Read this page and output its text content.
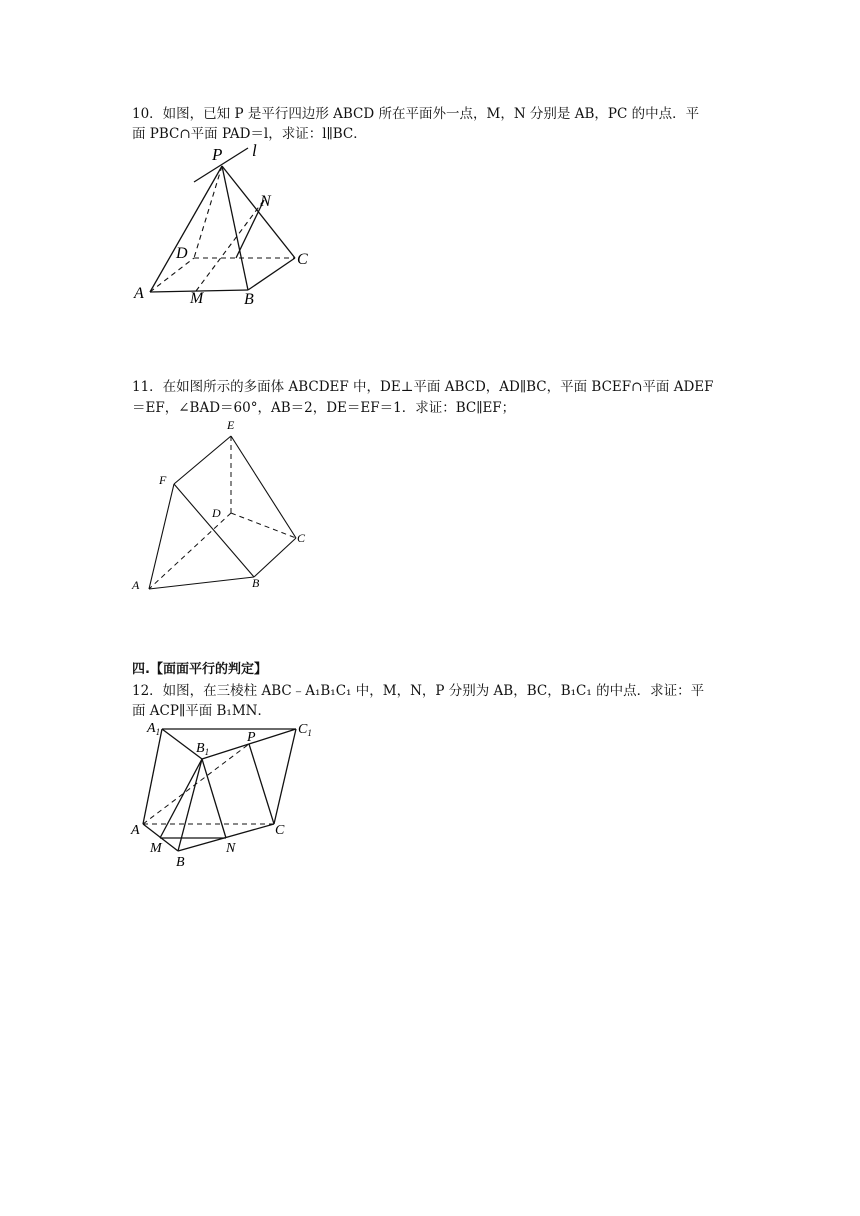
10．如图，已知 P 是平行四边形 ABCD 所在平面外一点，M，N 分别是 AB，PC 的中点．平
面 PBC∩平面 PAD＝l，求证：l∥BC．
P l
N
D	C
A	M	B
11．在如图所示的多面体 ABCDEF 中，DE⊥平面 ABCD，AD∥BC，平面 BCEF∩平面 ADEF
＝EF，∠BAD＝60°，AB＝2，DE＝EF＝1．求证：BC∥EF；
E
F
D
C
A	B
四.【面面平行的判定】
12．如图，在三棱柱 ABC﹣A₁B₁C₁ 中，M，N，P 分别为 AB，BC，B₁C₁ 的中点．求证：平
面 ACP∥平面 B₁MN．
$A_1$
$B_1$
P
$C_1$
A	C
M	N
B
